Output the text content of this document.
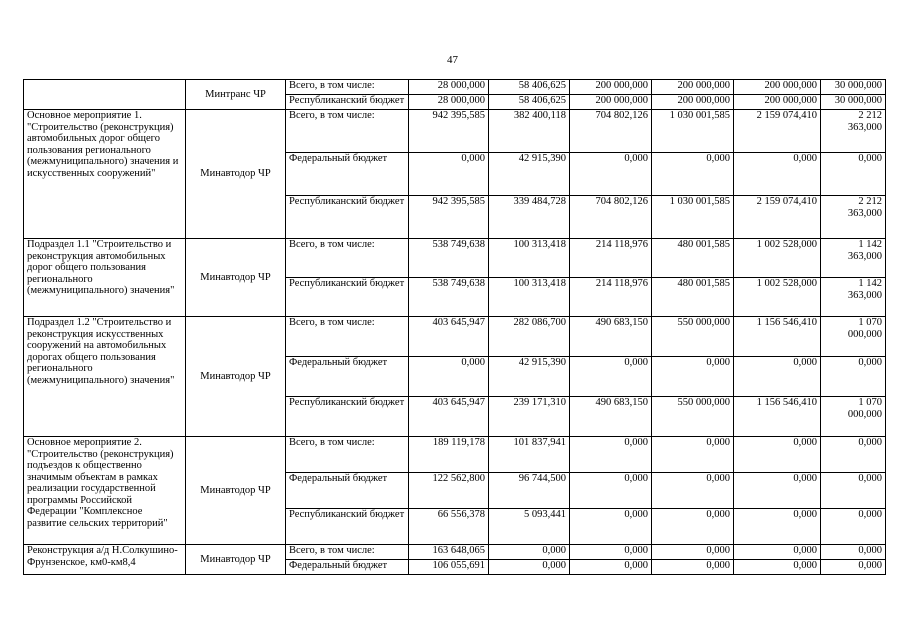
47
	Минтранс ЧР	Всего, в том числе:	28 000,000	58 406,625	200 000,000	200 000,000	200 000,000	30 000,000
		Республиканский бюджет	28 000,000	58 406,625	200 000,000	200 000,000	200 000,000	30 000,000
Основное мероприятие 1. "Строительство (реконструкция) автомобильных дорог общего пользования регионального (межмуниципального) значения и искусственных сооружений"	Минавтодор ЧР	Всего, в том числе:	942 395,585	382 400,118	704 802,126	1 030 001,585	2 159 074,410	2 212 363,000
		Федеральный бюджет	0,000	42 915,390	0,000	0,000	0,000	0,000
		Республиканский бюджет	942 395,585	339 484,728	704 802,126	1 030 001,585	2 159 074,410	2 212 363,000
Подраздел 1.1 "Строительство и реконструкция автомобильных дорог общего пользования регионального (межмуниципального) значения"	Минавтодор ЧР	Всего, в том числе:	538 749,638	100 313,418	214 118,976	480 001,585	1 002 528,000	1 142 363,000
		Республиканский бюджет	538 749,638	100 313,418	214 118,976	480 001,585	1 002 528,000	1 142 363,000
Подраздел 1.2 "Строительство и реконструкция искусственных сооружений на автомобильных дорогах общего пользования регионального (межмуниципального) значения"	Минавтодор ЧР	Всего, в том числе:	403 645,947	282 086,700	490 683,150	550 000,000	1 156 546,410	1 070 000,000
		Федеральный бюджет	0,000	42 915,390	0,000	0,000	0,000	0,000
		Республиканский бюджет	403 645,947	239 171,310	490 683,150	550 000,000	1 156 546,410	1 070 000,000
Основное мероприятие 2. "Строительство (реконструкция) подъездов к общественно значимым объектам в рамках реализации государственной программы Российской Федерации "Комплексное развитие сельских территорий"	Минавтодор ЧР	Всего, в том числе:	189 119,178	101 837,941	0,000	0,000	0,000	0,000
		Федеральный бюджет	122 562,800	96 744,500	0,000	0,000	0,000	0,000
		Республиканский бюджет	66 556,378	5 093,441	0,000	0,000	0,000	0,000
Реконструкция а/д Н.Солкушино-Фрунзенское, км0-км8,4	Минавтодор ЧР	Всего, в том числе:	163 648,065	0,000	0,000	0,000	0,000	0,000
		Федеральный бюджет	106 055,691	0,000	0,000	0,000	0,000	0,000
